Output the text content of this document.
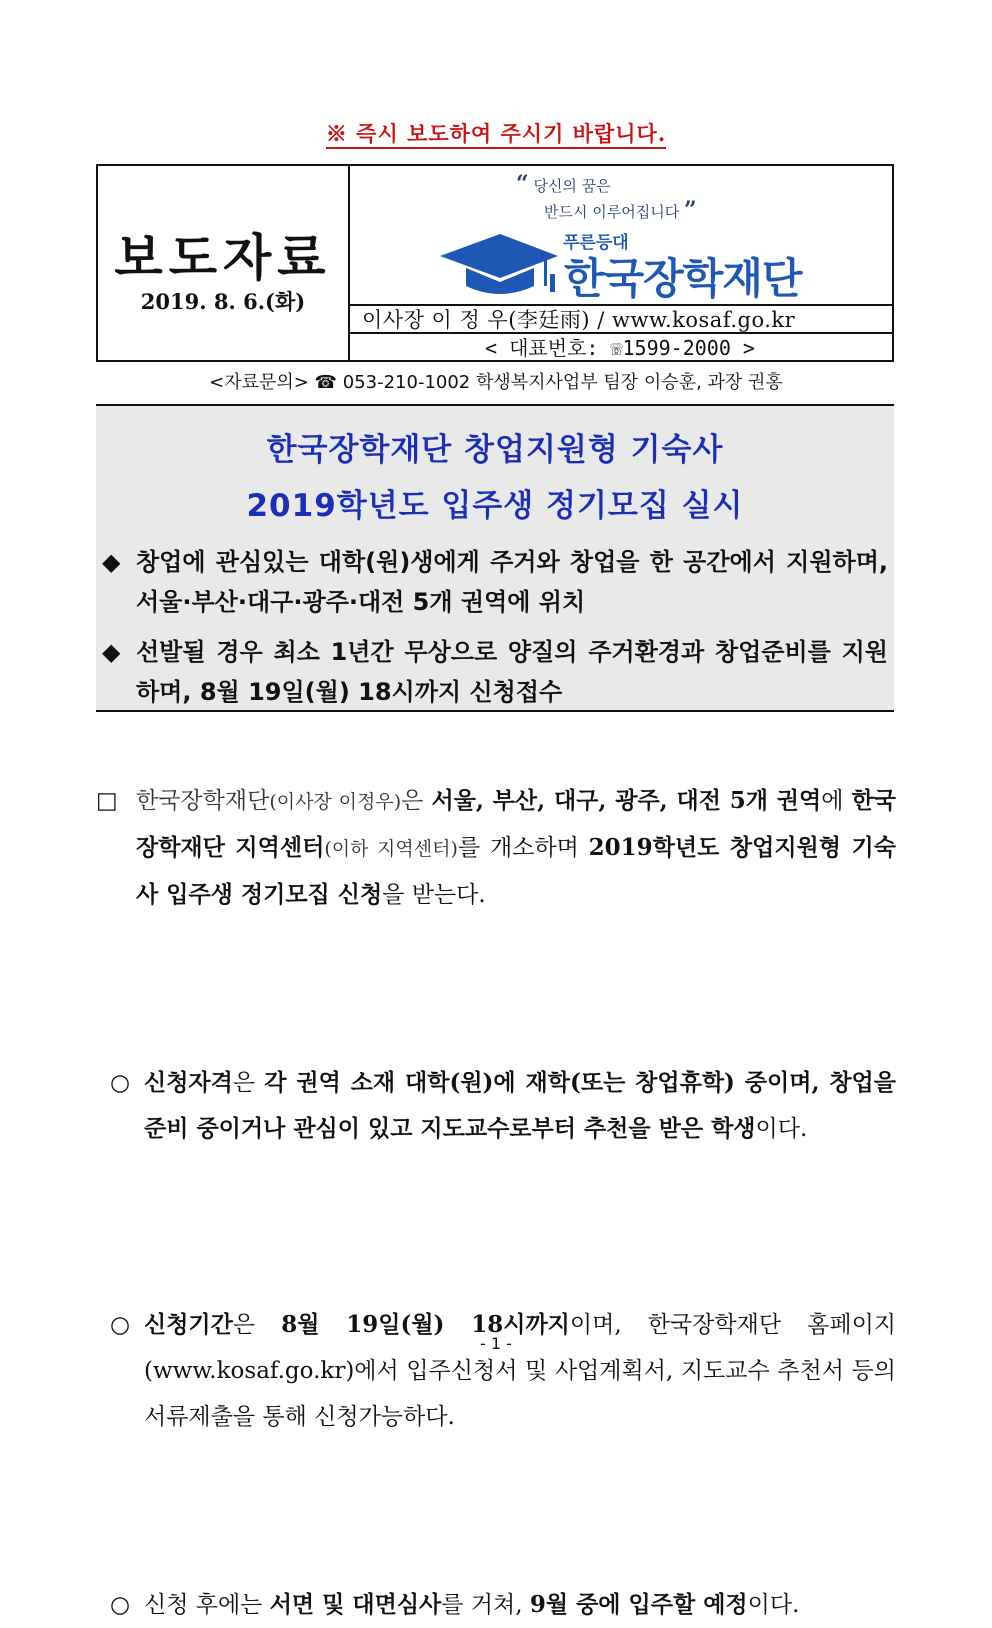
※ 즉시 보도하여 주시기 바랍니다.
보도자료
2019. 8. 6.(화)
“ 당신의 꿈은
반드시 이루어집니다 ”
푸른등대
한국장학재단
이사장 이 정 우(李廷雨) / www.kosaf.go.kr
< 대표번호: ☏1599-2000 >
<자료문의> ☎ 053-210-1002 학생복지사업부 팀장 이승훈, 과장 권홍
한국장학재단 창업지원형 기숙사
2019학년도 입주생 정기모집 실시
◆ 창업에 관심있는 대학(원)생에게 주거와 창업을 한 공간에서 지원하며, 서울·부산·대구·광주·대전 5개 권역에 위치
◆ 선발될 경우 최소 1년간 무상으로 양질의 주거환경과 창업준비를 지원하며, 8월 19일(월) 18시까지 신청접수
□ 한국장학재단(이사장 이정우)은 서울, 부산, 대구, 광주, 대전 5개 권역에 한국장학재단 지역센터(이하 지역센터)를 개소하며 2019학년도 창업지원형 기숙사 입주생 정기모집 신청을 받는다.
○ 신청자격은 각 권역 소재 대학(원)에 재학(또는 창업휴학) 중이며, 창업을 준비 중이거나 관심이 있고 지도교수로부터 추천을 받은 학생이다.
○ 신청기간은 8월 19일(월) 18시까지이며, 한국장학재단 홈페이지(www.kosaf.go.kr)에서 입주신청서 및 사업계획서, 지도교수 추천서 등의 서류제출을 통해 신청가능하다.
○ 신청 후에는 서면 및 대면심사를 거쳐, 9월 중에 입주할 예정이다.
- 1 -
